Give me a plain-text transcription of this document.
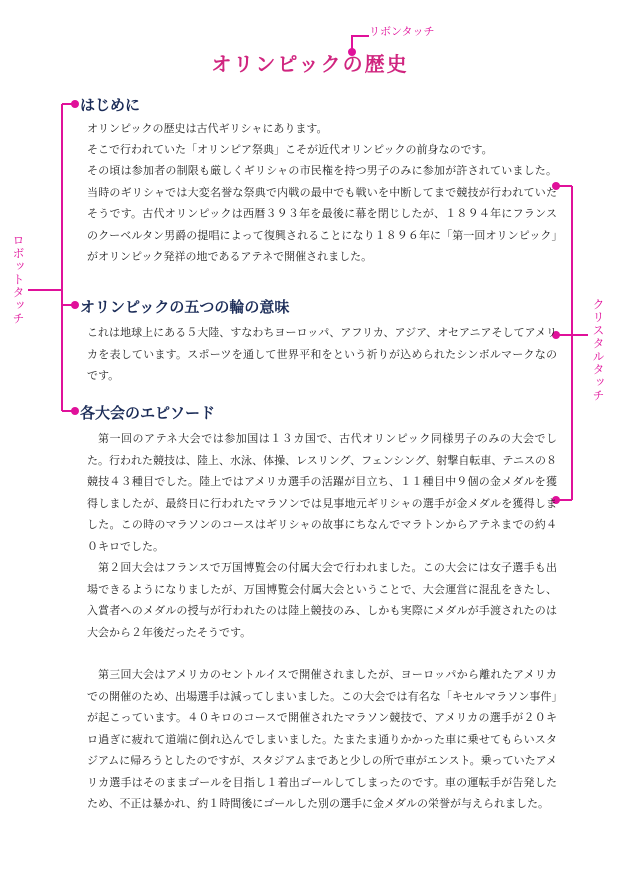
リボンタッチ
ロボットタッチ
クリスタルタッチ
オリンピックの歴史
はじめに

オリンピックの歴史は古代ギリシャにあります。

そこで行われていた「オリンピア祭典」こそが近代オリンピックの前身なのです。

その頃は参加者の制限も厳しくギリシャの市民権を持つ男子のみに参加が許されていました。当時のギリシャでは大変名誉な祭典で内戦の最中でも戦いを中断してまで競技が行われていたそうです。古代オリンピックは西暦３９３年を最後に幕を閉じしたが、１８９４年にフランスのクーベルタン男爵の提唱によって復興されることになり１８９６年に「第一回オリンピック」がオリンピック発祥の地であるアテネで開催されました。

オリンピックの五つの輪の意味

これは地球上にある５大陸、すなわちヨーロッパ、アフリカ、アジア、オセアニアそしてアメリカを表しています。スポーツを通して世界平和をという祈りが込められたシンボルマークなのです。

各大会のエピソード

第一回のアテネ大会では参加国は１３カ国で、古代オリンピック同様男子のみの大会でした。行われた競技は、陸上、水泳、体操、レスリング、フェンシング、射撃自転車、テニスの８競技４３種目でした。陸上ではアメリカ選手の活躍が目立ち、１１種目中９個の金メダルを獲得しましたが、最終日に行われたマラソンでは見事地元ギリシャの選手が金メダルを獲得しました。この時のマラソンのコースはギリシャの故事にちなんでマラトンからアテネまでの約４０キロでした。

第２回大会はフランスで万国博覧会の付属大会で行われました。この大会には女子選手も出場できるようになりましたが、万国博覧会付属大会ということで、大会運営に混乱をきたし、入賞者へのメダルの授与が行われたのは陸上競技のみ、しかも実際にメダルが手渡されたのは大会から２年後だったそうです。

第三回大会はアメリカのセントルイスで開催されましたが、ヨーロッパから離れたアメリカでの開催のため、出場選手は減ってしまいました。この大会では有名な「キセルマラソン事件」が起こっています。４０キロのコースで開催されたマラソン競技で、アメリカの選手が２０キロ過ぎに疲れて道端に倒れ込んでしまいました。たまたま通りかかった車に乗せてもらいスタジアムに帰ろうとしたのですが、スタジアムまであと少しの所で車がエンスト。乗っていたアメリカ選手はそのままゴールを目指し１着出ゴールしてしまったのです。車の運転手が告発したため、不正は暴かれ、約１時間後にゴールした別の選手に金メダルの栄誉が与えられました。
